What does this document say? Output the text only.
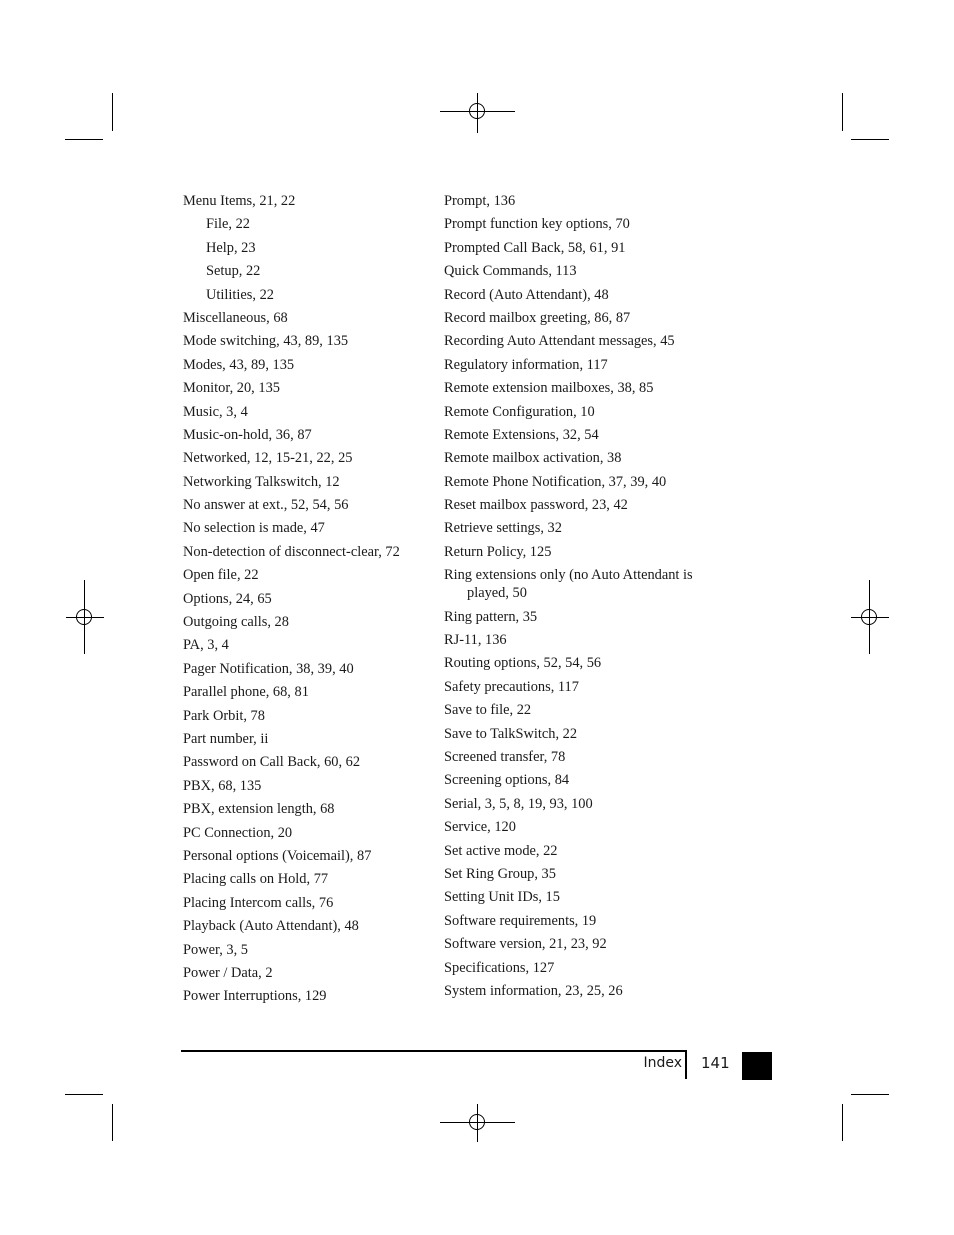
Menu Items, 21, 22
File, 22
Help, 23
Setup, 22
Utilities, 22
Miscellaneous, 68
Mode switching, 43, 89, 135
Modes, 43, 89, 135
Monitor, 20, 135
Music, 3, 4
Music-on-hold, 36, 87
Networked, 12, 15-21, 22, 25
Networking Talkswitch, 12
No answer at ext., 52, 54, 56
No selection is made, 47
Non-detection of disconnect-clear, 72
Open file, 22
Options, 24, 65
Outgoing calls, 28
PA, 3, 4
Pager Notification, 38, 39, 40
Parallel phone, 68, 81
Park Orbit, 78
Part number, ii
Password on Call Back, 60, 62
PBX, 68, 135
PBX, extension length, 68
PC Connection, 20
Personal options (Voicemail), 87
Placing calls on Hold, 77
Placing Intercom calls, 76
Playback (Auto Attendant), 48
Power, 3, 5
Power / Data, 2
Power Interruptions, 129
Prompt, 136
Prompt function key options, 70
Prompted Call Back, 58, 61, 91
Quick Commands, 113
Record (Auto Attendant), 48
Record mailbox greeting, 86, 87
Recording Auto Attendant messages, 45
Regulatory information, 117
Remote extension mailboxes, 38, 85
Remote Configuration, 10
Remote Extensions, 32, 54
Remote mailbox activation, 38
Remote Phone Notification, 37, 39, 40
Reset mailbox password, 23, 42
Retrieve settings, 32
Return Policy, 125
Ring extensions only (no Auto Attendant is played, 50
Ring pattern, 35
RJ-11, 136
Routing options, 52, 54, 56
Safety precautions, 117
Save to file, 22
Save to TalkSwitch, 22
Screened transfer, 78
Screening options, 84
Serial, 3, 5, 8, 19, 93, 100
Service, 120
Set active mode, 22
Set Ring Group, 35
Setting Unit IDs, 15
Software requirements, 19
Software version, 21, 23, 92
Specifications, 127
System information, 23, 25, 26
Index 141
